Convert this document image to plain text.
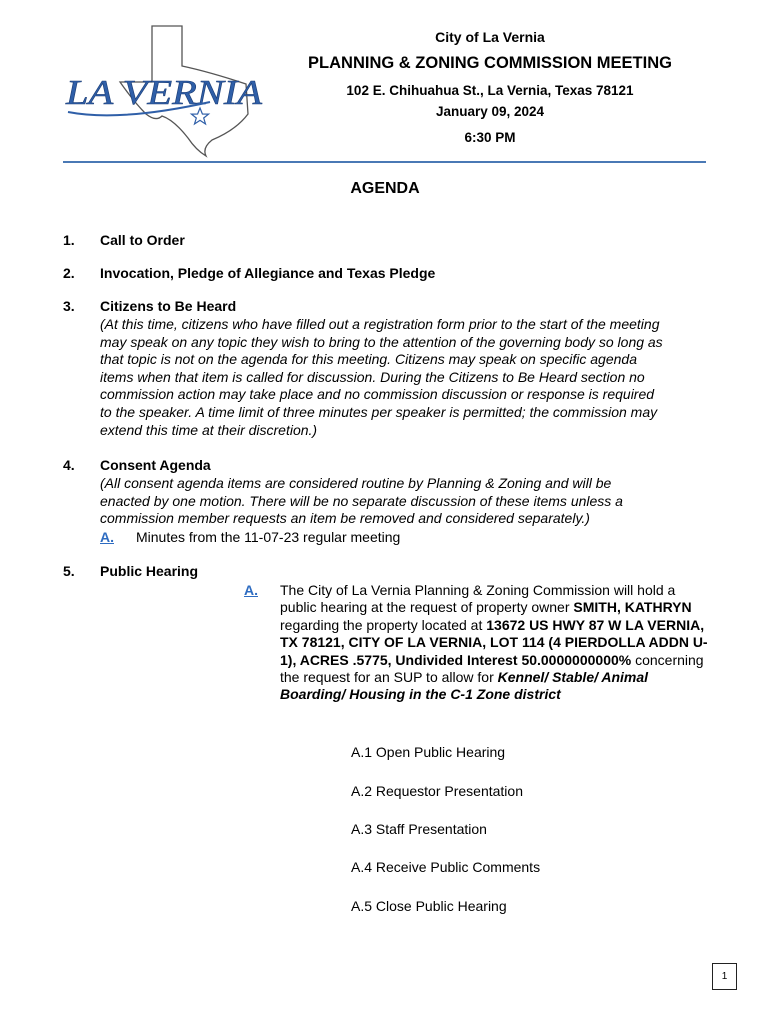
LA VERNIA
City of La Vernia
PLANNING & ZONING COMMISSION MEETING
102 E. Chihuahua St., La Vernia, Texas 78121
January 09, 2024
6:30 PM
AGENDA
1. Call to Order
2. Invocation, Pledge of Allegiance and Texas Pledge
3. Citizens to Be Heard
(At this time, citizens who have filled out a registration form prior to the start of the meeting
may speak on any topic they wish to bring to the attention of the governing body so long as
that topic is not on the agenda for this meeting. Citizens may speak on specific agenda
items when that item is called for discussion. During the Citizens to Be Heard section no
commission action may take place and no commission discussion or response is required
to the speaker. A time limit of three minutes per speaker is permitted; the commission may
extend this time at their discretion.)
4. Consent Agenda
(All consent agenda items are considered routine by Planning & Zoning and will be
enacted by one motion. There will be no separate discussion of these items unless a
commission member requests an item be removed and considered separately.)
A. Minutes from the 11-07-23 regular meeting
5. Public Hearing
A. The City of La Vernia Planning & Zoning Commission will hold a public hearing at the request of property owner SMITH, KATHRYN regarding the property located at 13672 US HWY 87 W LA VERNIA, TX 78121, CITY OF LA VERNIA, LOT 114 (4 PIERDOLLA ADDN U-1), ACRES .5775, Undivided Interest 50.0000000000% concerning the request for an SUP to allow for Kennel/ Stable/ Animal Boarding/ Housing in the C-1 Zone district
A.1 Open Public Hearing
A.2 Requestor Presentation
A.3 Staff Presentation
A.4 Receive Public Comments
A.5 Close Public Hearing
1
